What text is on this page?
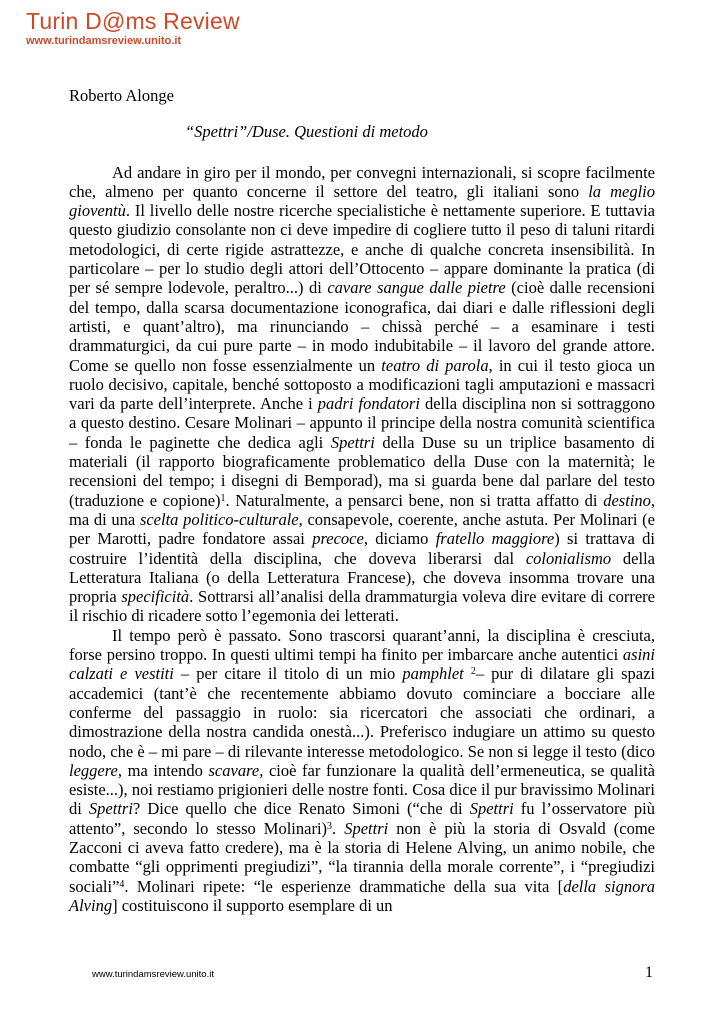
Turin D@ms Review
www.turindamsreview.unito.it

Roberto Alonge

“Spettri”/Duse. Questioni di metodo

Ad andare in giro per il mondo, per convegni internazionali, si scopre facilmente che, almeno per quanto concerne il settore del teatro, gli italiani sono la meglio gioventù. Il livello delle nostre ricerche specialistiche è nettamente superiore. E tuttavia questo giudizio consolante non ci deve impedire di cogliere tutto il peso di taluni ritardi metodologici, di certe rigide astrattezze, e anche di qualche concreta insensibilità. In particolare – per lo studio degli attori dell’Ottocento – appare dominante la pratica (di per sé sempre lodevole, peraltro...) di cavare sangue dalle pietre (cioè dalle recensioni del tempo, dalla scarsa documentazione iconografica, dai diari e dalle riflessioni degli artisti, e quant’altro), ma rinunciando – chissà perché – a esaminare i testi drammaturgici, da cui pure parte – in modo indubitabile – il lavoro del grande attore. Come se quello non fosse essenzialmente un teatro di parola, in cui il testo gioca un ruolo decisivo, capitale, benché sottoposto a modificazioni tagli amputazioni e massacri vari da parte dell’interprete. Anche i padri fondatori della disciplina non si sottraggono a questo destino. Cesare Molinari – appunto il principe della nostra comunità scientifica – fonda le paginette che dedica agli Spettri della Duse su un triplice basamento di materiali (il rapporto biograficamente problematico della Duse con la maternità; le recensioni del tempo; i disegni di Bemporad), ma si guarda bene dal parlare del testo (traduzione e copione)$^1$. Naturalmente, a pensarci bene, non si tratta affatto di destino, ma di una scelta politico-culturale, consapevole, coerente, anche astuta. Per Molinari (e per Marotti, padre fondatore assai precoce, diciamo fratello maggiore) si trattava di costruire l’identità della disciplina, che doveva liberarsi dal colonialismo della Letteratura Italiana (o della Letteratura Francese), che doveva insomma trovare una propria specificità. Sottrarsi all’analisi della drammaturgia voleva dire evitare di correre il rischio di ricadere sotto l’egemonia dei letterati.

Il tempo però è passato. Sono trascorsi quarant’anni, la disciplina è cresciuta, forse persino troppo. In questi ultimi tempi ha finito per imbarcare anche autentici asini calzati e vestiti – per citare il titolo di un mio pamphlet $^2$– pur di dilatare gli spazi accademici (tant’è che recentemente abbiamo dovuto cominciare a bocciare alle conferme del passaggio in ruolo: sia ricercatori che associati che ordinari, a dimostrazione della nostra candida onestà...). Preferisco indugiare un attimo su questo nodo, che è – mi pare – di rilevante interesse metodologico. Se non si legge il testo (dico leggere, ma intendo scavare, cioè far funzionare la qualità dell’ermeneutica, se qualità esiste...), noi restiamo prigionieri delle nostre fonti. Cosa dice il pur bravissimo Molinari di Spettri? Dice quello che dice Renato Simoni (“che di Spettri fu l’osservatore più attento”, secondo lo stesso Molinari)$^3$. Spettri non è più la storia di Osvald (come Zacconi ci aveva fatto credere), ma è la storia di Helene Alving, un animo nobile, che combatte “gli opprimenti pregiudizi”, “la tirannia della morale corrente”, i “pregiudizi sociali”$^4$. Molinari ripete: “le esperienze drammatiche della sua vita [della signora Alving] costituiscono il supporto esemplare di un

www.turindamsreview.unito.it	1
